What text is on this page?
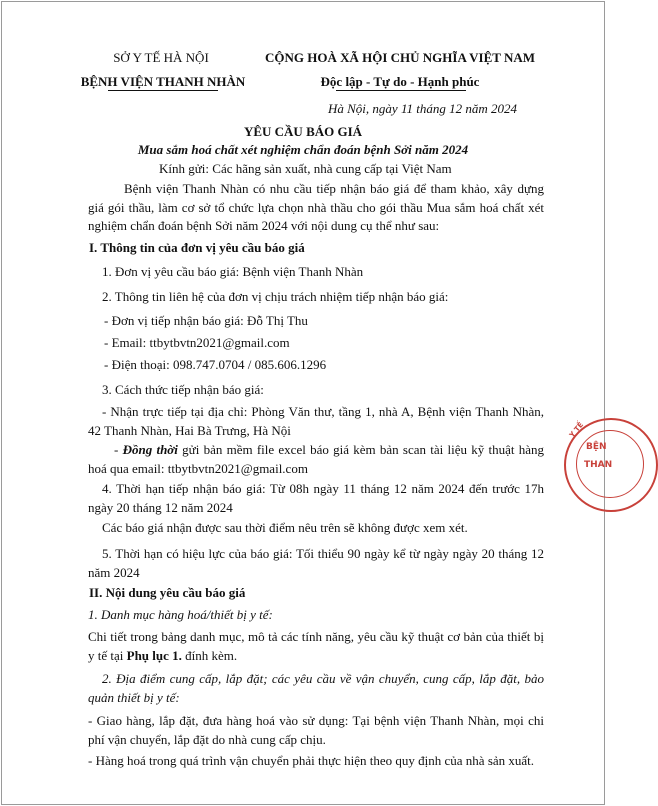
SỞ Y TẾ HÀ NỘI
BỆNH VIỆN THANH NHÀN
CỘNG HOÀ XÃ HỘI CHỦ NGHĨA VIỆT NAM
Độc lập - Tự do - Hạnh phúc
Hà Nội, ngày 11 tháng 12 năm 2024
YÊU CẦU BÁO GIÁ
Mua sắm hoá chất xét nghiệm chẩn đoán bệnh Sởi năm 2024
Kính gửi: Các hãng sản xuất, nhà cung cấp tại Việt Nam
Bệnh viện Thanh Nhàn có nhu cầu tiếp nhận báo giá để tham khảo, xây dựng giá gói thầu, làm cơ sở tổ chức lựa chọn nhà thầu cho gói thầu Mua sắm hoá chất xét nghiệm chẩn đoán bệnh Sởi năm 2024 với nội dung cụ thể như sau:
I. Thông tin của đơn vị yêu cầu báo giá
1. Đơn vị yêu cầu báo giá: Bệnh viện Thanh Nhàn
2. Thông tin liên hệ của đơn vị chịu trách nhiệm tiếp nhận báo giá:
- Đơn vị tiếp nhận báo giá: Đỗ Thị Thu
- Email: ttbytbvtn2021@gmail.com
- Điện thoại: 098.747.0704 / 085.606.1296
3. Cách thức tiếp nhận báo giá:
- Nhận trực tiếp tại địa chỉ: Phòng Văn thư, tầng 1, nhà A, Bệnh viện Thanh Nhàn, 42 Thanh Nhàn, Hai Bà Trưng, Hà Nội
- Đồng thời gửi bản mềm file excel báo giá kèm bản scan tài liệu kỹ thuật hàng hoá qua email: ttbytbvtn2021@gmail.com
4. Thời hạn tiếp nhận báo giá: Từ 08h ngày 11 tháng 12 năm 2024 đến trước 17h ngày 20 tháng 12 năm 2024
Các báo giá nhận được sau thời điểm nêu trên sẽ không được xem xét.
5. Thời hạn có hiệu lực của báo giá: Tối thiểu 90 ngày kể từ ngày ngày 20 tháng 12 năm 2024
II. Nội dung yêu cầu báo giá
1. Danh mục hàng hoá/thiết bị y tế:
Chi tiết trong bảng danh mục, mô tả các tính năng, yêu cầu kỹ thuật cơ bản của thiết bị y tế tại Phụ lục 1. đính kèm.
2. Địa điểm cung cấp, lắp đặt; các yêu cầu về vận chuyển, cung cấp, lắp đặt, bảo quản thiết bị y tế:
- Giao hàng, lắp đặt, đưa hàng hoá vào sử dụng: Tại bệnh viện Thanh Nhàn, mọi chi phí vận chuyển, lắp đặt do nhà cung cấp chịu.
- Hàng hoá trong quá trình vận chuyển phải thực hiện theo quy định của nhà sản xuất.
BỆN
THAN
Y TẾ
